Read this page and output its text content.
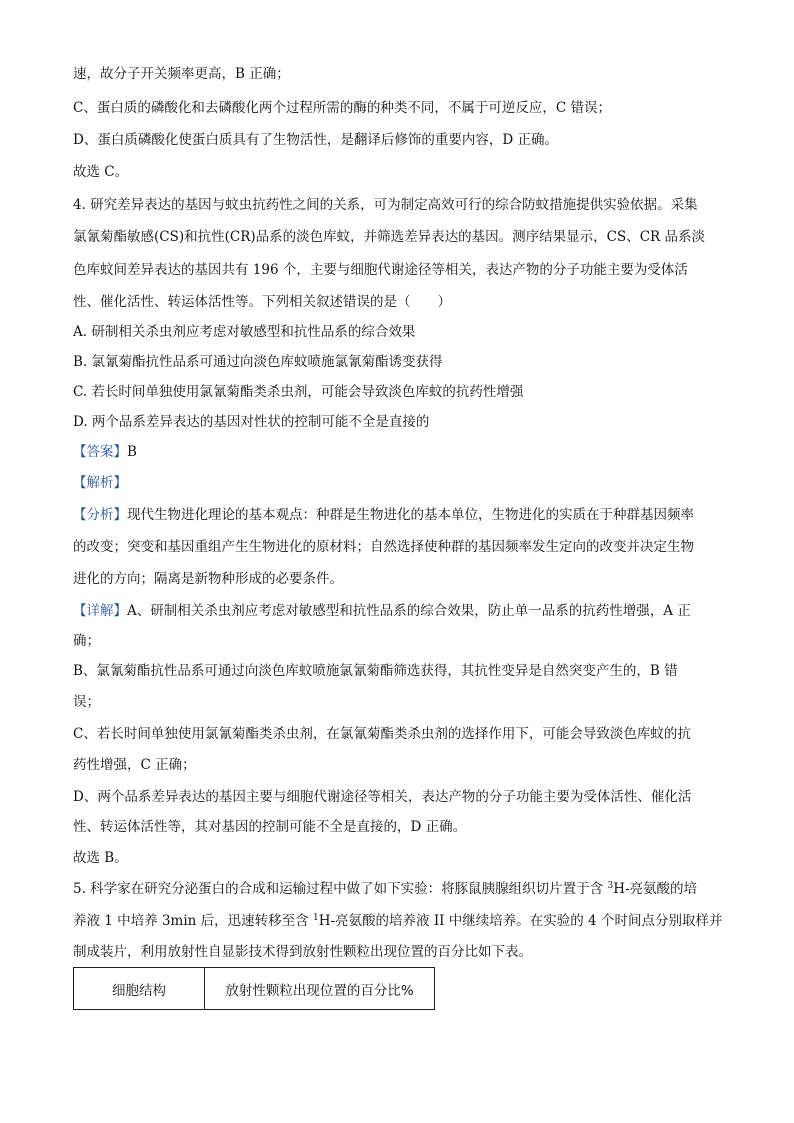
速，故分子开关频率更高，B 正确；
C、蛋白质的磷酸化和去磷酸化两个过程所需的酶的种类不同，不属于可逆反应，C 错误；
D、蛋白质磷酸化使蛋白质具有了生物活性，是翻译后修饰的重要内容，D 正确。
故选 C。
4. 研究差异表达的基因与蚊虫抗药性之间的关系，可为制定高效可行的综合防蚊措施提供实验依据。采集
氯氰菊酯敏感(CS)和抗性(CR)品系的淡色库蚊，并筛选差异表达的基因。测序结果显示，CS、CR 品系淡
色库蚊间差异表达的基因共有 196 个，主要与细胞代谢途径等相关，表达产物的分子功能主要为受体活
性、催化活性、转运体活性等。下列相关叙述错误的是（　　）
A. 研制相关杀虫剂应考虑对敏感型和抗性品系的综合效果
B. 氯氰菊酯抗性品系可通过向淡色库蚊喷施氯氰菊酯诱变获得
C. 若长时间单独使用氯氰菊酯类杀虫剂，可能会导致淡色库蚊的抗药性增强
D. 两个品系差异表达的基因对性状的控制可能不全是直接的
【答案】B
【解析】
【分析】现代生物进化理论的基本观点：种群是生物进化的基本单位，生物进化的实质在于种群基因频率
的改变；突变和基因重组产生生物进化的原材料；自然选择使种群的基因频率发生定向的改变并决定生物
进化的方向；隔离是新物种形成的必要条件。
【详解】A、研制相关杀虫剂应考虑对敏感型和抗性品系的综合效果，防止单一品系的抗药性增强，A 正
确；
B、氯氰菊酯抗性品系可通过向淡色库蚊喷施氯氰菊酯筛选获得，其抗性变异是自然突变产生的，B 错
误；
C、若长时间单独使用氯氰菊酯类杀虫剂，在氯氰菊酯类杀虫剂的选择作用下，可能会导致淡色库蚊的抗
药性增强，C 正确；
D、两个品系差异表达的基因主要与细胞代谢途径等相关，表达产物的分子功能主要为受体活性、催化活
性、转运体活性等，其对基因的控制可能不全是直接的，D 正确。
故选 B。
5. 科学家在研究分泌蛋白的合成和运输过程中做了如下实验：将豚鼠胰腺组织切片置于含 $^3$H-亮氨酸的培
养液 1 中培养 3min 后，迅速转移至含 $^1$H-亮氨酸的培养液 II 中继续培养。在实验的 4 个时间点分别取样并
制成装片，利用放射性自显影技术得到放射性颗粒出现位置的百分比如下表。
细胞结构	放射性颗粒出现位置的百分比%
